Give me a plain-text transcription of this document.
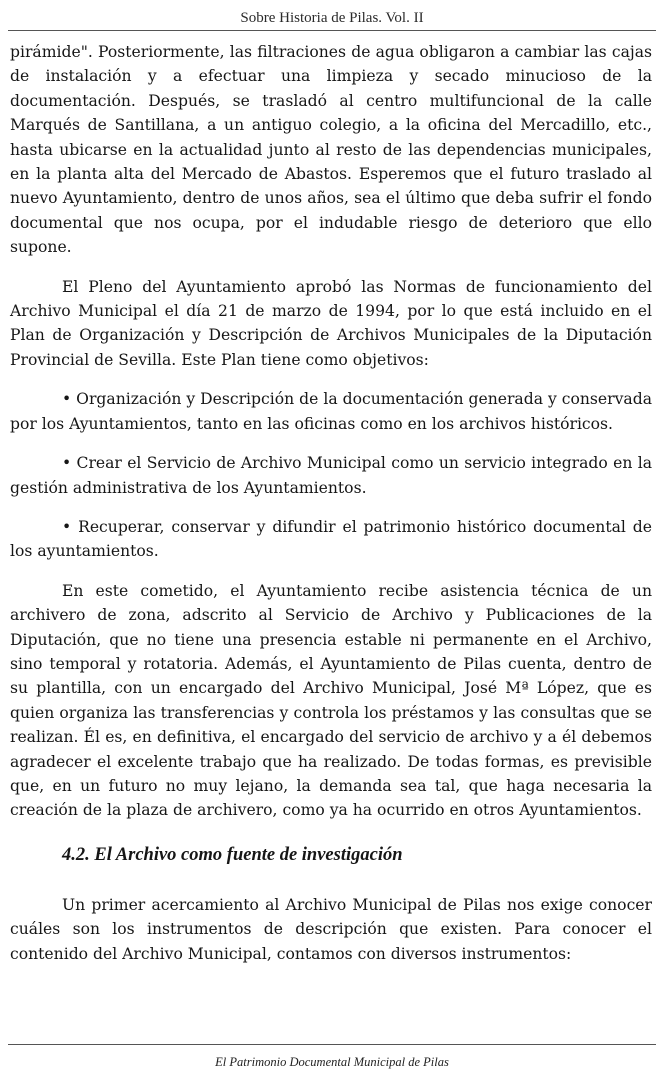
Sobre Historia de Pilas. Vol. II

pirámide". Posteriormente, las filtraciones de agua obligaron a cambiar las cajas de instalación y a efectuar una limpieza y secado minucioso de la documentación. Después, se trasladó al centro multifuncional de la calle Marqués de Santillana, a un antiguo colegio, a la oficina del Mercadillo, etc., hasta ubicarse en la actualidad junto al resto de las dependencias municipales, en la planta alta del Mercado de Abastos. Esperemos que el futuro traslado al nuevo Ayuntamiento, dentro de unos años, sea el último que deba sufrir el fondo documental que nos ocupa, por el indudable riesgo de deterioro que ello supone.

El Pleno del Ayuntamiento aprobó las Normas de funcionamiento del Archivo Municipal el día 21 de marzo de 1994, por lo que está incluido en el Plan de Organización y Descripción de Archivos Municipales de la Diputación Provincial de Sevilla. Este Plan tiene como objetivos:

• Organización y Descripción de la documentación generada y conservada por los Ayuntamientos, tanto en las oficinas como en los archivos históricos.

• Crear el Servicio de Archivo Municipal como un servicio integrado en la gestión administrativa de los Ayuntamientos.

• Recuperar, conservar y difundir el patrimonio histórico documental de los ayuntamientos.

En este cometido, el Ayuntamiento recibe asistencia técnica de un archivero de zona, adscrito al Servicio de Archivo y Publicaciones de la Diputación, que no tiene una presencia estable ni permanente en el Archivo, sino temporal y rotatoria. Además, el Ayuntamiento de Pilas cuenta, dentro de su plantilla, con un encargado del Archivo Municipal, José Mª López, que es quien organiza las transferencias y controla los préstamos y las consultas que se realizan. Él es, en definitiva, el encargado del servicio de archivo y a él debemos agradecer el excelente trabajo que ha realizado. De todas formas, es previsible que, en un futuro no muy lejano, la demanda sea tal, que haga necesaria la creación de la plaza de archivero, como ya ha ocurrido en otros Ayuntamientos.

4.2. El Archivo como fuente de investigación

Un primer acercamiento al Archivo Municipal de Pilas nos exige conocer cuáles son los instrumentos de descripción que existen. Para conocer el contenido del Archivo Municipal, contamos con diversos instrumentos:

$_{El Patrimonio Documental Municipal de Pilas}$
